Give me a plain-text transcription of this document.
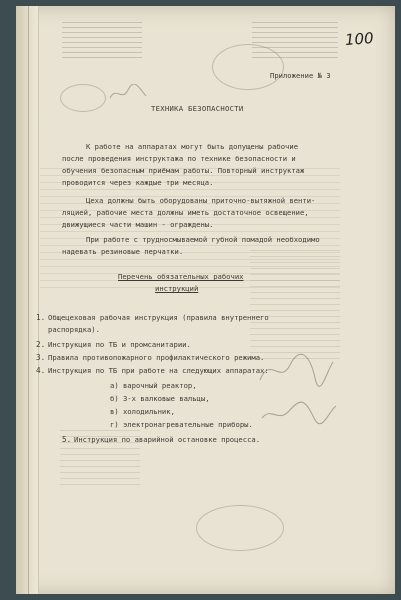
100
Приложение № 3
ТЕХНИКА БЕЗОПАСНОСТИ
К работе на аппаратах могут быть допущены рабочие
после проведения инструктажа по технике безопасности и
обучения безопасным приёмам работы. Повторный инструктаж
проводится через каждые три месяца.
Цеха должны быть оборудованы приточно-вытяжной венти-
ляцией, рабочие места должны иметь достаточное освещение,
движущиеся части машин - ограждены.
При работе с трудносмываемой губной помадой необходимо
надевать резиновые перчатки.
Перечень обязательных рабочих
инструкций
1. Общецеховая рабочая инструкция (правила внутреннего
распорядка).
2. Инструкция по ТБ и промсанитарии.
3. Правила противопожарного профилактического режима.
4. Инструкция по ТБ при работе на следующих аппаратах:
а) варочный реактор,
б) 3-х валковые вальцы,
в) холодильник,
г) электронагревательные приборы.
5. Инструкция по аварийной остановке процесса.
